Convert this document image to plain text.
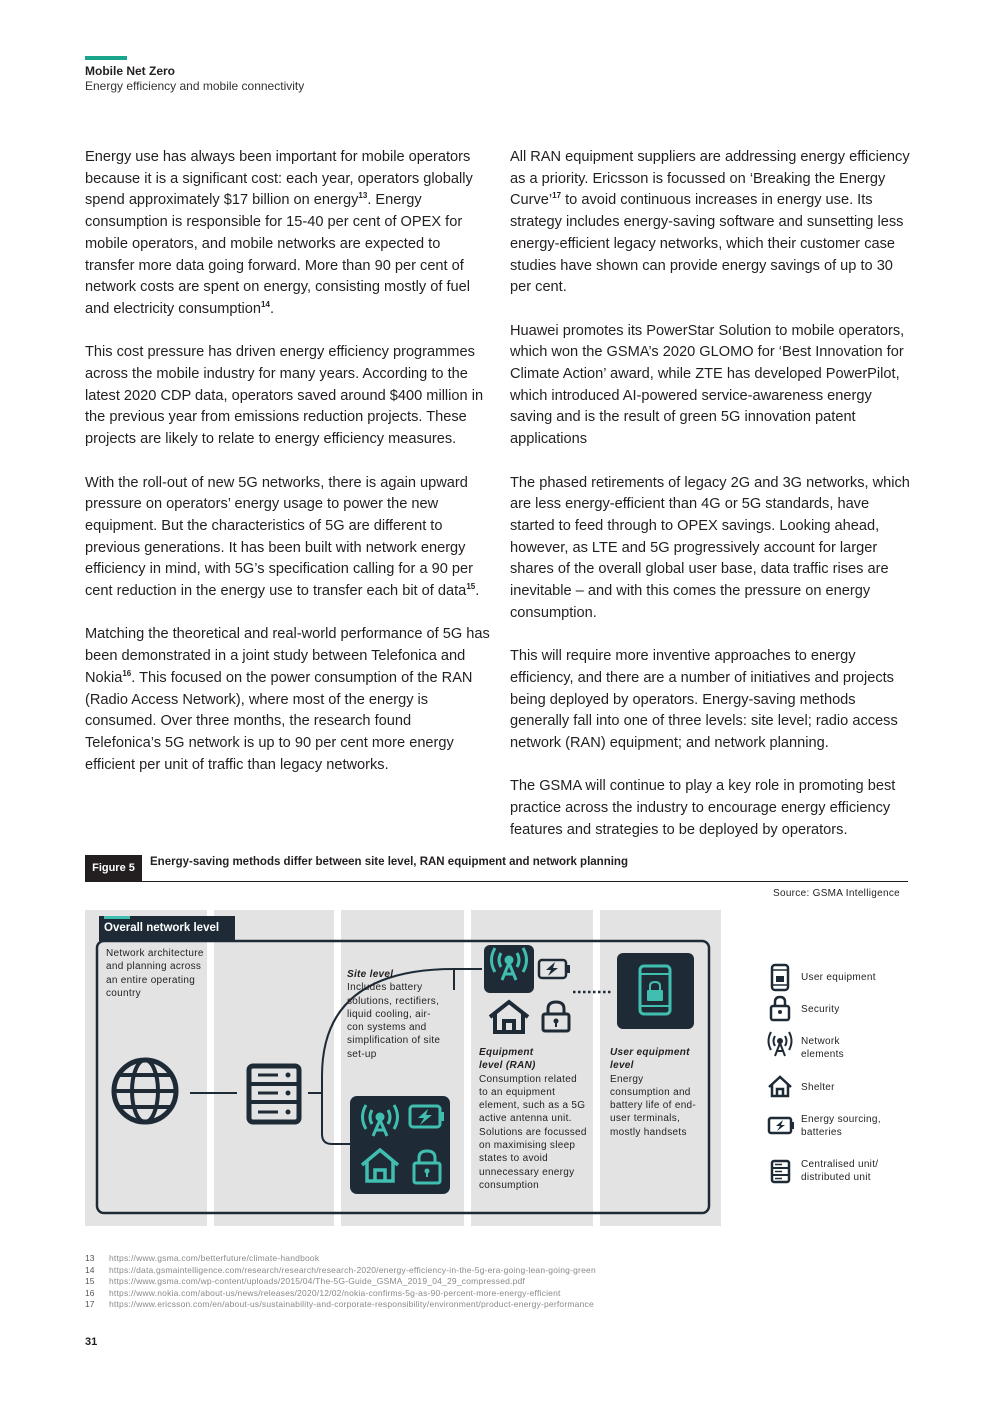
Mobile Net Zero
Energy efficiency and mobile connectivity

Energy use has always been important for mobile operators because it is a significant cost: each year, operators globally spend approximately $17 billion on energy$^{13}$. Energy consumption is responsible for 15-40 per cent of OPEX for mobile operators, and mobile networks are expected to transfer more data going forward. More than 90 per cent of network costs are spent on energy, consisting mostly of fuel and electricity consumption$^{14}$.

This cost pressure has driven energy efficiency programmes across the mobile industry for many years. According to the latest 2020 CDP data, operators saved around $400 million in the previous year from emissions reduction projects. These projects are likely to relate to energy efficiency measures.

With the roll-out of new 5G networks, there is again upward pressure on operators’ energy usage to power the new equipment. But the characteristics of 5G are different to previous generations. It has been built with network energy efficiency in mind, with 5G’s specification calling for a 90 per cent reduction in the energy use to transfer each bit of data$^{15}$.

Matching the theoretical and real-world performance of 5G has been demonstrated in a joint study between Telefonica and Nokia$^{16}$. This focused on the power consumption of the RAN (Radio Access Network), where most of the energy is consumed. Over three months, the research found Telefonica’s 5G network is up to 90 per cent more energy efficient per unit of traffic than legacy networks.

All RAN equipment suppliers are addressing energy efficiency as a priority. Ericsson is focussed on ‘Breaking the Energy Curve’$^{17}$ to avoid continuous increases in energy use. Its strategy includes energy-saving software and sunsetting less energy-efficient legacy networks, which their customer case studies have shown can provide energy savings of up to 30 per cent.

Huawei promotes its PowerStar Solution to mobile operators, which won the GSMA’s 2020 GLOMO for ‘Best Innovation for Climate Action’ award, while ZTE has developed PowerPilot, which introduced AI-powered service-awareness energy saving and is the result of green 5G innovation patent applications

The phased retirements of legacy 2G and 3G networks, which are less energy-efficient than 4G or 5G standards, have started to feed through to OPEX savings. Looking ahead, however, as LTE and 5G progressively account for larger shares of the overall global user base, data traffic rises are inevitable – and with this comes the pressure on energy consumption.

This will require more inventive approaches to energy efficiency, and there are a number of initiatives and projects being deployed by operators. Energy-saving methods generally fall into one of three levels: site level; radio access network (RAN) equipment; and network planning.

The GSMA will continue to play a key role in promoting best practice across the industry to encourage energy efficiency features and strategies to be deployed by operators.

Figure 5	Energy-saving methods differ between site level, RAN equipment and network planning
Source: GSMA Intelligence
Overall network level
Network architecture and planning across an entire operating country
Site level
Includes battery solutions, rectifiers, liquid cooling, air-con systems and simplification of site set-up	Equipment level (RAN)
Consumption related to an equipment element, such as a 5G active antenna unit. Solutions are focussed on maximising sleep states to avoid unnecessary energy consumption
User equipment level
Energy consumption and battery life of end-user terminals, mostly handsets
User equipment
Security
Network elements
Shelter
Energy sourcing, batteries
Centralised unit/ distributed unit
13 https://www.gsma.com/betterfuture/climate-handbook
14 https://data.gsmaintelligence.com/research/research/research-2020/energy-efficiency-in-the-5g-era-going-lean-going-green
15 https://www.gsma.com/wp-content/uploads/2015/04/The-5G-Guide_GSMA_2019_04_29_compressed.pdf
16 https://www.nokia.com/about-us/news/releases/2020/12/02/nokia-confirms-5g-as-90-percent-more-energy-efficient
17 https://www.ericsson.com/en/about-us/sustainability-and-corporate-responsibility/environment/product-energy-performance
31
